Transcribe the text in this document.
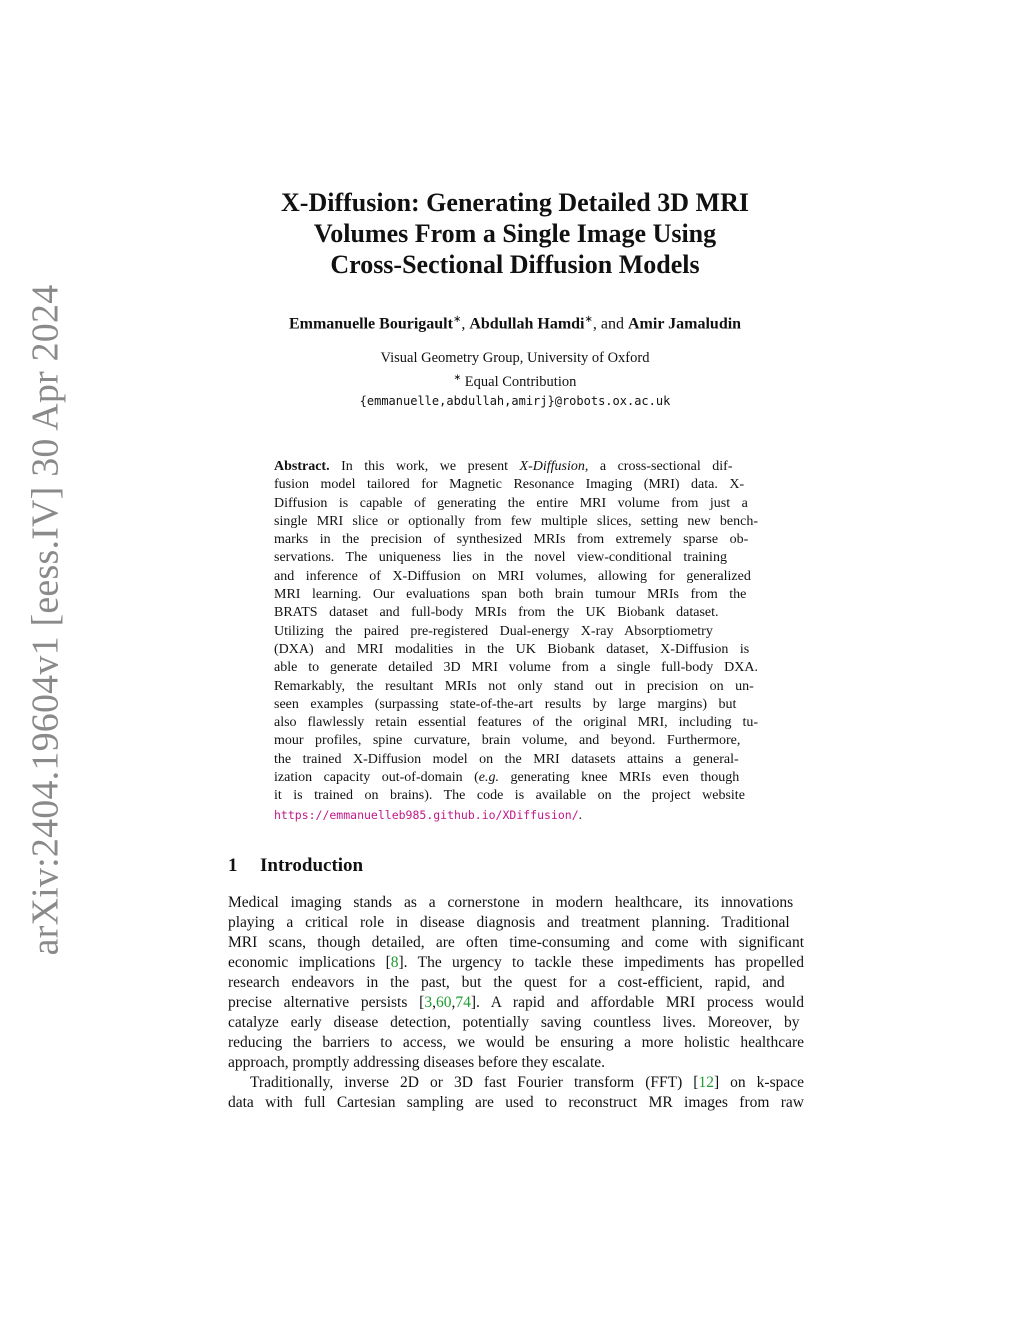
arXiv:2404.19604v1 [eess.IV] 30 Apr 2024
X-Diffusion: Generating Detailed 3D MRI
Volumes From a Single Image Using
Cross-Sectional Diffusion Models
Emmanuelle Bourigault∗, Abdullah Hamdi∗, and Amir Jamaludin
Visual Geometry Group, University of Oxford
∗ Equal Contribution
{emmanuelle,abdullah,amirj}@robots.ox.ac.uk
Abstract. In this work, we present X-Diffusion, a cross-sectional dif-
fusion model tailored for Magnetic Resonance Imaging (MRI) data. X-
Diffusion is capable of generating the entire MRI volume from just a
single MRI slice or optionally from few multiple slices, setting new bench-
marks in the precision of synthesized MRIs from extremely sparse ob-
servations. The uniqueness lies in the novel view-conditional training
and inference of X-Diffusion on MRI volumes, allowing for generalized
MRI learning. Our evaluations span both brain tumour MRIs from the
BRATS dataset and full-body MRIs from the UK Biobank dataset.
Utilizing the paired pre-registered Dual-energy X-ray Absorptiometry
(DXA) and MRI modalities in the UK Biobank dataset, X-Diffusion is
able to generate detailed 3D MRI volume from a single full-body DXA.
Remarkably, the resultant MRIs not only stand out in precision on un-
seen examples (surpassing state-of-the-art results by large margins) but
also flawlessly retain essential features of the original MRI, including tu-
mour profiles, spine curvature, brain volume, and beyond. Furthermore,
the trained X-Diffusion model on the MRI datasets attains a general-
ization capacity out-of-domain (e.g. generating knee MRIs even though
it is trained on brains). The code is available on the project website
https://emmanuelleb985.github.io/XDiffusion/.
1 Introduction
Medical imaging stands as a cornerstone in modern healthcare, its innovations
playing a critical role in disease diagnosis and treatment planning. Traditional
MRI scans, though detailed, are often time-consuming and come with significant
economic implications [8]. The urgency to tackle these impediments has propelled
research endeavors in the past, but the quest for a cost-efficient, rapid, and
precise alternative persists [3,60,74]. A rapid and affordable MRI process would
catalyze early disease detection, potentially saving countless lives. Moreover, by
reducing the barriers to access, we would be ensuring a more holistic healthcare
approach, promptly addressing diseases before they escalate.
Traditionally, inverse 2D or 3D fast Fourier transform (FFT) [12] on k-space
data with full Cartesian sampling are used to reconstruct MR images from raw
